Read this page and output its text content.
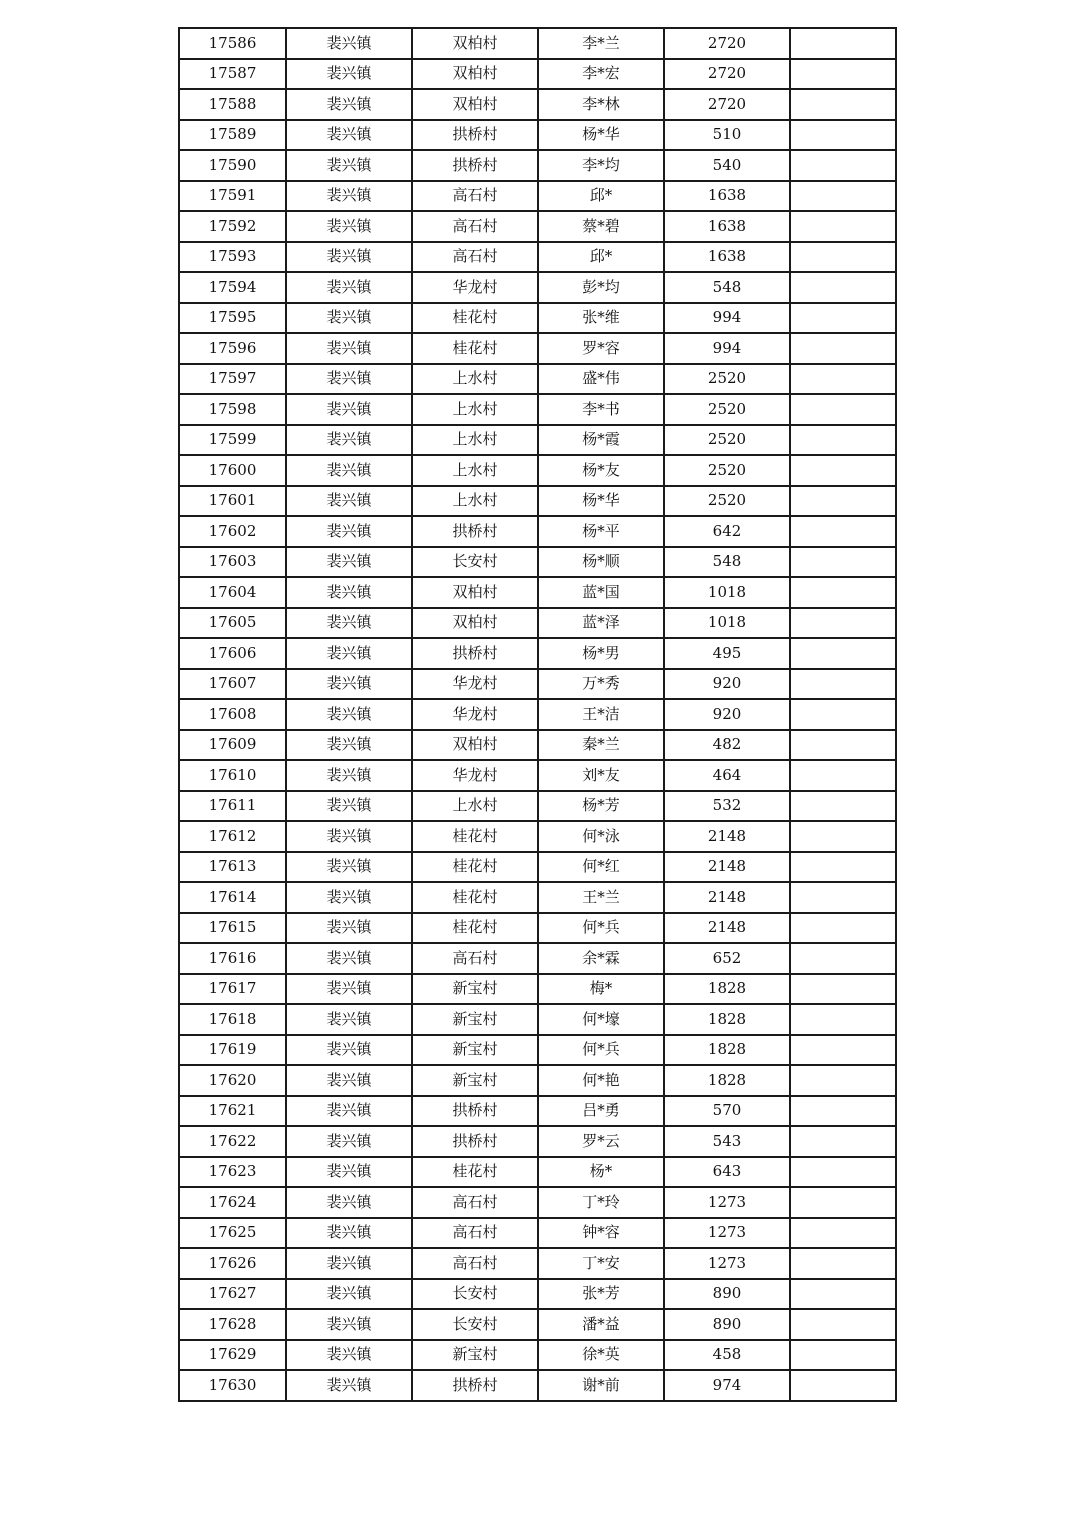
17586	裴兴镇	双柏村	李*兰	2720	
17587	裴兴镇	双柏村	李*宏	2720	
17588	裴兴镇	双柏村	李*林	2720	
17589	裴兴镇	拱桥村	杨*华	510	
17590	裴兴镇	拱桥村	李*均	540	
17591	裴兴镇	高石村	邱*	1638	
17592	裴兴镇	高石村	蔡*碧	1638	
17593	裴兴镇	高石村	邱*	1638	
17594	裴兴镇	华龙村	彭*均	548	
17595	裴兴镇	桂花村	张*维	994	
17596	裴兴镇	桂花村	罗*容	994	
17597	裴兴镇	上水村	盛*伟	2520	
17598	裴兴镇	上水村	李*书	2520	
17599	裴兴镇	上水村	杨*霞	2520	
17600	裴兴镇	上水村	杨*友	2520	
17601	裴兴镇	上水村	杨*华	2520	
17602	裴兴镇	拱桥村	杨*平	642	
17603	裴兴镇	长安村	杨*顺	548	
17604	裴兴镇	双柏村	蓝*国	1018	
17605	裴兴镇	双柏村	蓝*泽	1018	
17606	裴兴镇	拱桥村	杨*男	495	
17607	裴兴镇	华龙村	万*秀	920	
17608	裴兴镇	华龙村	王*洁	920	
17609	裴兴镇	双柏村	秦*兰	482	
17610	裴兴镇	华龙村	刘*友	464	
17611	裴兴镇	上水村	杨*芳	532	
17612	裴兴镇	桂花村	何*泳	2148	
17613	裴兴镇	桂花村	何*红	2148	
17614	裴兴镇	桂花村	王*兰	2148	
17615	裴兴镇	桂花村	何*兵	2148	
17616	裴兴镇	高石村	余*霖	652	
17617	裴兴镇	新宝村	梅*	1828	
17618	裴兴镇	新宝村	何*壕	1828	
17619	裴兴镇	新宝村	何*兵	1828	
17620	裴兴镇	新宝村	何*艳	1828	
17621	裴兴镇	拱桥村	吕*勇	570	
17622	裴兴镇	拱桥村	罗*云	543	
17623	裴兴镇	桂花村	杨*	643	
17624	裴兴镇	高石村	丁*玲	1273	
17625	裴兴镇	高石村	钟*容	1273	
17626	裴兴镇	高石村	丁*安	1273	
17627	裴兴镇	长安村	张*芳	890	
17628	裴兴镇	长安村	潘*益	890	
17629	裴兴镇	新宝村	徐*英	458	
17630	裴兴镇	拱桥村	谢*前	974	
